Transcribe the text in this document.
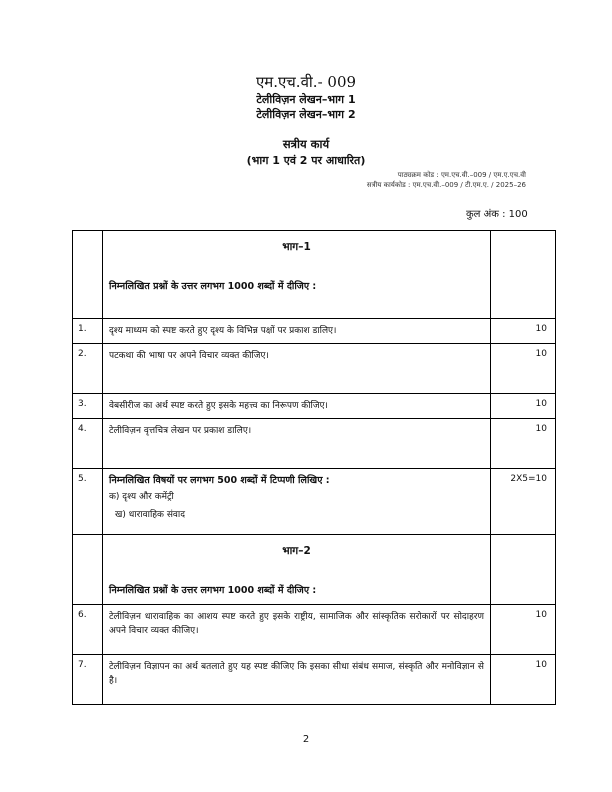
एम.एच.वी.- 009
टेलीविज़न लेखन–भाग 1
टेलीविज़न लेखन–भाग 2
सत्रीय कार्य
(भाग 1 एवं 2 पर आधारित)
पाठ्यक्रम कोड : एम.एच.वी.–009 / एम.ए.एच.वी
सत्रीय कार्यकोड : एम.एच.वी.–009 / टी.एम.ए. / 2025–26
कुल अंक : 100

	भाग–1
निम्नलिखित प्रश्नों के उत्तर लगभग 1000 शब्दों में दीजिए :	

1.	दृश्य माध्यम को स्पष्ट करते हुए दृश्य के विभिन्न पक्षों पर प्रकाश डालिए।	10
2.	पटकथा की भाषा पर अपने विचार व्यक्त कीजिए।	10
3.	वेबसीरीज का अर्थ स्पष्ट करते हुए इसके महत्त्व का निरूपण कीजिए।	10
4.	टेलीविज़न वृत्तचित्र लेखन पर प्रकाश डालिए।	10
5.	निम्नलिखित विषयों पर लगभग 500 शब्दों में टिप्पणी लिखिए :
क) दृश्य और कमेंट्री
ख) धारावाहिक संवाद	2X5=10

	भाग–2
निम्नलिखित प्रश्नों के उत्तर लगभग 1000 शब्दों में दीजिए :	

6.	टेलीविज़न धारावाहिक का आशय स्पष्ट करते हुए इसके राष्ट्रीय, सामाजिक और सांस्कृतिक सरोकारों पर सोदाहरण अपने विचार व्यक्त कीजिए।	10
7.	टेलीविज़न विज्ञापन का अर्थ बतलाते हुए यह स्पष्ट कीजिए कि इसका सीधा संबंध समाज, संस्कृति और मनोविज्ञान से है।	10
2
